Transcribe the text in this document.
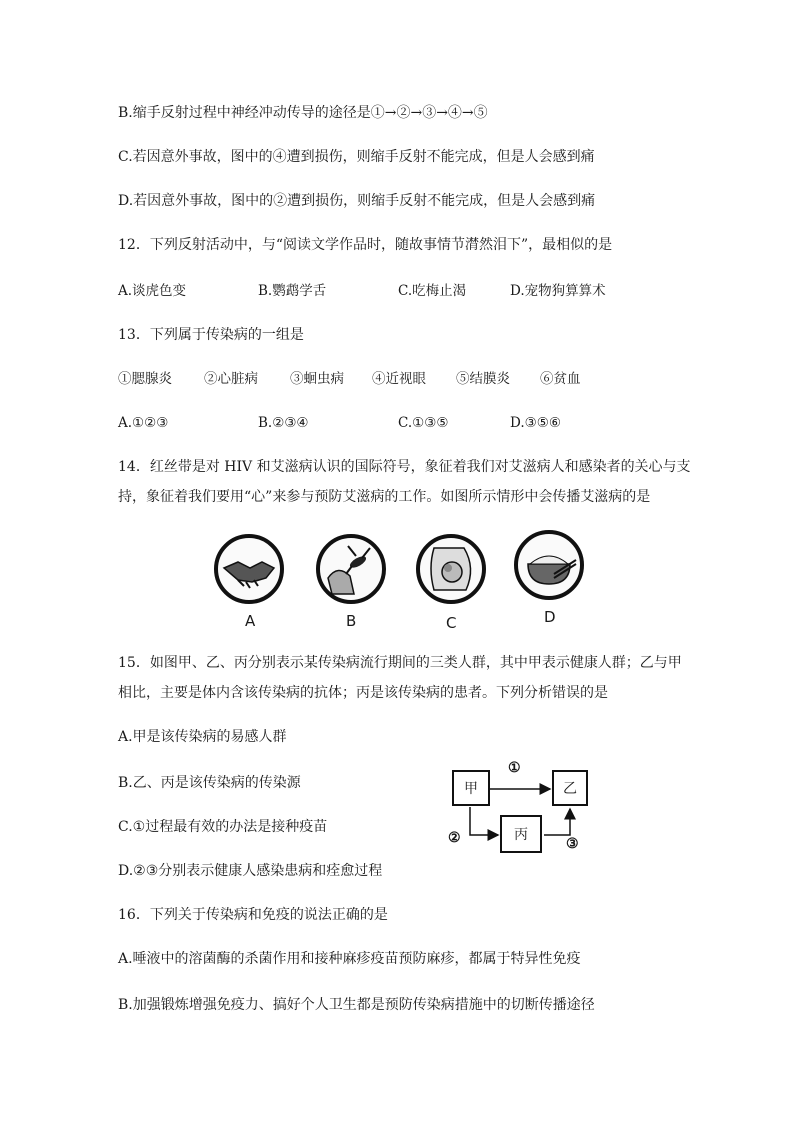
B.缩手反射过程中神经冲动传导的途径是①→②→③→④→⑤
C.若因意外事故，图中的④遭到损伤，则缩手反射不能完成，但是人会感到痛
D.若因意外事故，图中的②遭到损伤，则缩手反射不能完成，但是人会感到痛
12．下列反射活动中，与“阅读文学作品时，随故事情节潸然泪下”，最相似的是
A.谈虎色变	B.鹦鹉学舌	C.吃梅止渴	D.宠物狗算算术
13．下列属于传染病的一组是
①腮腺炎 ②心脏病 ③蛔虫病 ④近视眼 ⑤结膜炎 ⑥贫血
A.①②③	B.②③④	C.①③⑤	D.③⑤⑥
14．红丝带是对 HIV 和艾滋病认识的国际符号，象征着我们对艾滋病人和感染者的关心与支
持，象征着我们要用“心”来参与预防艾滋病的工作。如图所示情形中会传播艾滋病的是
A	B	C	D
15．如图甲、乙、丙分别表示某传染病流行期间的三类人群，其中甲表示健康人群；乙与甲
相比，主要是体内含该传染病的抗体；丙是该传染病的患者。下列分析错误的是
A.甲是该传染病的易感人群
B.乙、丙是该传染病的传染源
C.①过程最有效的办法是接种疫苗
D.②③分别表示健康人感染患病和痊愈过程
甲	乙
丙
①
②	③
16．下列关于传染病和免疫的说法正确的是
A.唾液中的溶菌酶的杀菌作用和接种麻疹疫苗预防麻疹，都属于特异性免疫
B.加强锻炼增强免疫力、搞好个人卫生都是预防传染病措施中的切断传播途径
